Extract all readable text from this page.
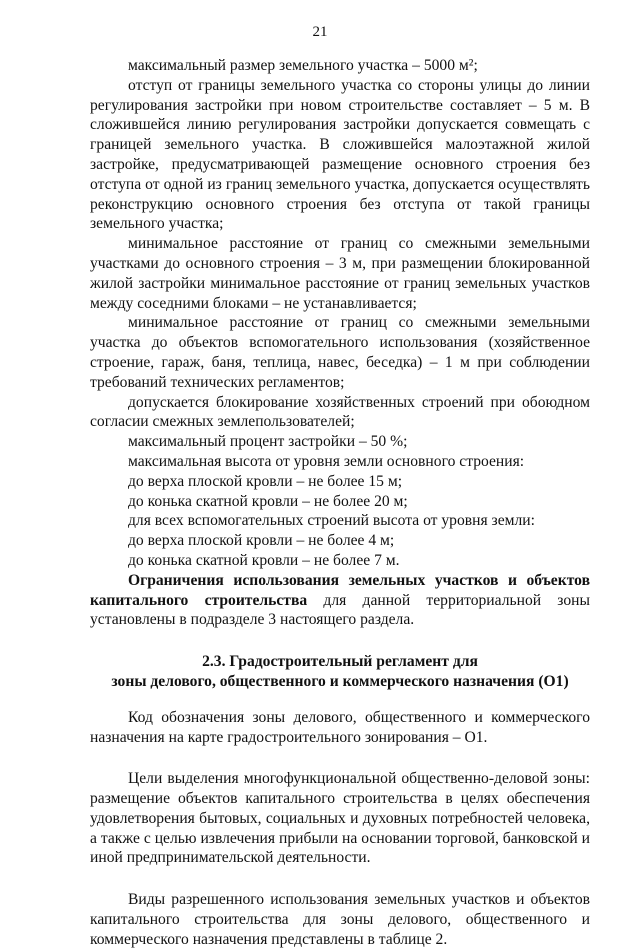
21

максимальный размер земельного участка – 5000 м²;

отступ от границы земельного участка со стороны улицы до линии регулирования застройки при новом строительстве составляет – 5 м. В сложившейся линию регулирования застройки допускается совмещать с границей земельного участка. В сложившейся малоэтажной жилой застройке, предусматривающей размещение основного строения без отступа от одной из границ земельного участка, допускается осуществлять реконструкцию основного строения без отступа от такой границы земельного участка;

минимальное расстояние от границ со смежными земельными участками до основного строения – 3 м, при размещении блокированной жилой застройки минимальное расстояние от границ земельных участков между соседними блоками – не устанавливается;

минимальное расстояние от границ со смежными земельными участка до объектов вспомогательного использования (хозяйственное строение, гараж, баня, теплица, навес, беседка) – 1 м при соблюдении требований технических регламентов;

допускается блокирование хозяйственных строений при обоюдном согласии смежных землепользователей;

максимальный процент застройки – 50 %;

максимальная высота от уровня земли основного строения:

до верха плоской кровли – не более 15 м;

до конька скатной кровли – не более 20 м;

для всех вспомогательных строений высота от уровня земли:

до верха плоской кровли – не более 4 м;

до конька скатной кровли – не более 7 м.

Ограничения использования земельных участков и объектов капитального строительства для данной территориальной зоны установлены в подразделе 3 настоящего раздела.

2.3. Градостроительный регламент для
зоны делового, общественного и коммерческого назначения (О1)

Код обозначения зоны делового, общественного и коммерческого назначения на карте градостроительного зонирования – О1.

Цели выделения многофункциональной общественно-деловой зоны: размещение объектов капитального строительства в целях обеспечения удовлетворения бытовых, социальных и духовных потребностей человека, а также с целью извлечения прибыли на основании торговой, банковской и иной предпринимательской деятельности.

Виды разрешенного использования земельных участков и объектов капитального строительства для зоны делового, общественного и коммерческого назначения представлены в таблице 2.
